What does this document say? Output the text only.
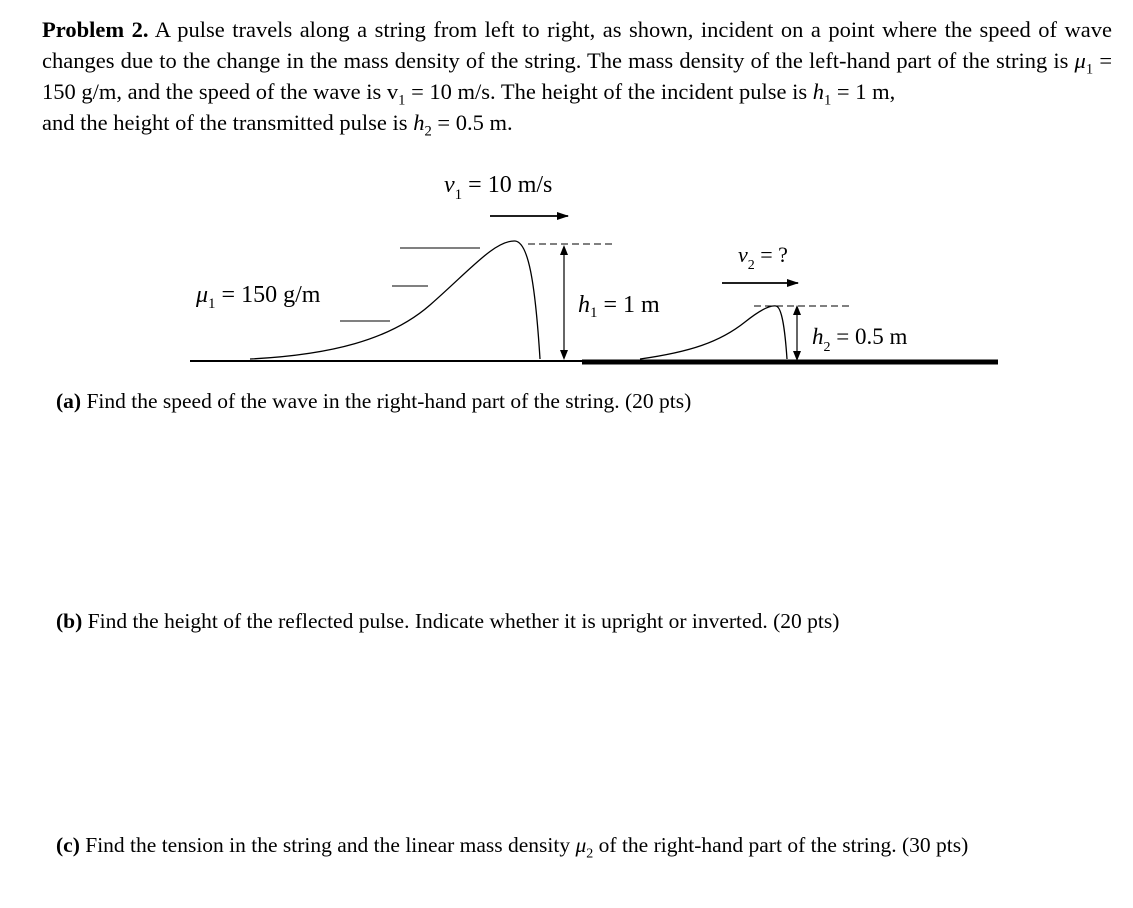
Problem 2. A pulse travels along a string from left to right, as shown, incident on a point where the speed of wave changes due to the change in the mass density of the string. The mass density of the left-hand part of the string is $\mu_1 = 150$ g/m, and the speed of the wave is $v_1 = 10$ m/s. The height of the incident pulse is $h_1 = 1$ m,

and the height of the transmitted pulse is $h_2 = 0.5$ m.

$v_1 = 10$ m/s
$v_2$ = ?
$\mu_1 = 150$ g/m	$h_1 = 1$ m
$h_2 = 0.5$ m
(a) Find the speed of the wave in the right-hand part of the string. (20 pts)
(b) Find the height of the reflected pulse. Indicate whether it is upright or inverted. (20 pts)
(c) Find the tension in the string and the linear mass density $\mu_2$ of the right-hand part of the string. (30 pts)
